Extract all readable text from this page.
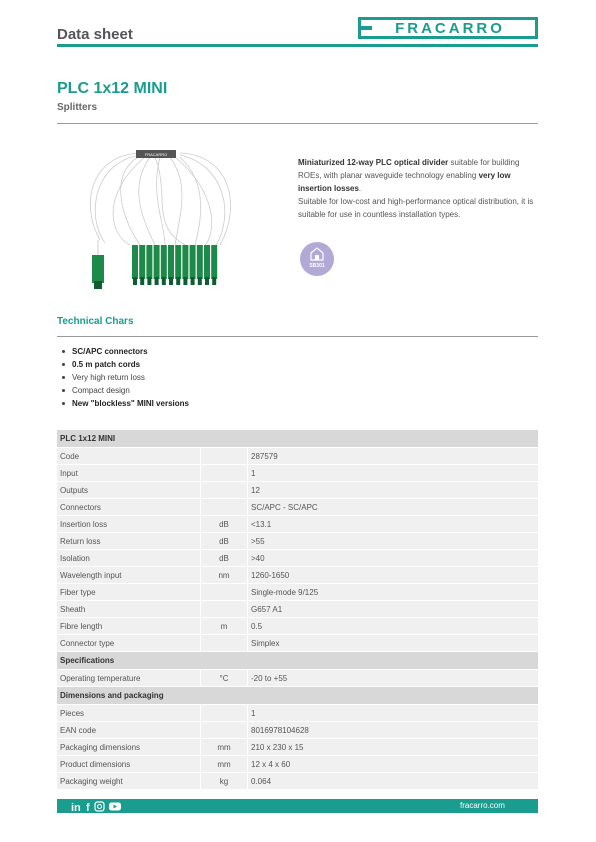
Data sheet	FRACARRO
PLC 1x12 MINI
Splitters
FRACARRO
Miniaturized 12-way PLC optical divider suitable for building ROEs, with planar waveguide technology enabling very low insertion losses.
Suitable for low-cost and high-performance optical distribution, it is suitable for use in countless installation types.
SB301
Technical Chars
SC/APC connectors
0.5 m patch cords
Very high return loss
Compact design
New "blockless" MINI versions
PLC 1x12 MINI		
Code		287579
Input		1
Outputs		12
Connectors		SC/APC - SC/APC
Insertion loss	dB	<13.1
Return loss	dB	>55
Isolation	dB	>40
Wavelength input	nm	1260-1650
Fiber type		Single-mode 9/125
Sheath		G657 A1
Fibre length	m	0.5
Connector type		Simplex
Specifications		
Operating temperature	°C	-20 to +55
Dimensions and packaging		
Pieces		1
EAN code		8016978104628
Packaging dimensions	mm	210 x 230 x 15
Product dimensions	mm	12 x 4 x 60
Packaging weight	kg	0.064
in f	fracarro.com
